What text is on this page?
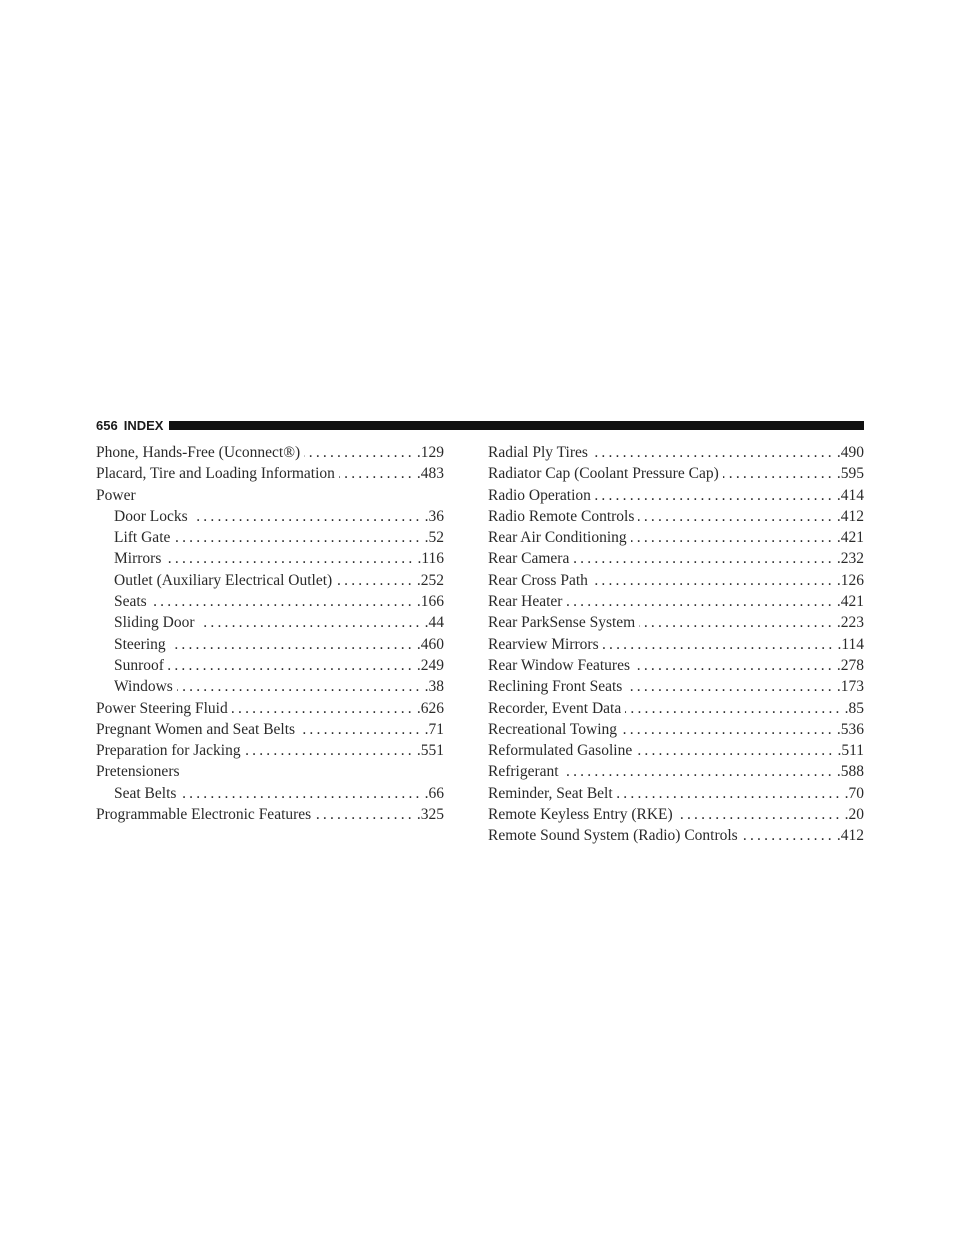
656 INDEX
Phone, Hands-Free (Uconnect®) .....	.129
Placard, Tire and Loading Information .....	.483
Power
Door Locks .....	.36
Lift Gate .....	.52
Mirrors .....	.116
Outlet (Auxiliary Electrical Outlet) .....	.252
Seats .....	.166
Sliding Door .....	.44
Steering .....	.460
Sunroof .....	.249
Windows .....	.38
Power Steering Fluid .....	.626
Pregnant Women and Seat Belts .....	.71
Preparation for Jacking .....	.551
Pretensioners
Seat Belts .....	.66
Programmable Electronic Features .....	.325
Radial Ply Tires .....	.490
Radiator Cap (Coolant Pressure Cap) .....	.595
Radio Operation .....	.414
Radio Remote Controls .....	.412
Rear Air Conditioning .....	.421
Rear Camera .....	.232
Rear Cross Path .....	.126
Rear Heater .....	.421
Rear ParkSense System .....	.223
Rearview Mirrors .....	.114
Rear Window Features .....	.278
Reclining Front Seats .....	.173
Recorder, Event Data .....	.85
Recreational Towing .....	.536
Reformulated Gasoline .....	.511
Refrigerant .....	.588
Reminder, Seat Belt .....	.70
Remote Keyless Entry (RKE) .....	.20
Remote Sound System (Radio) Controls .....	.412
